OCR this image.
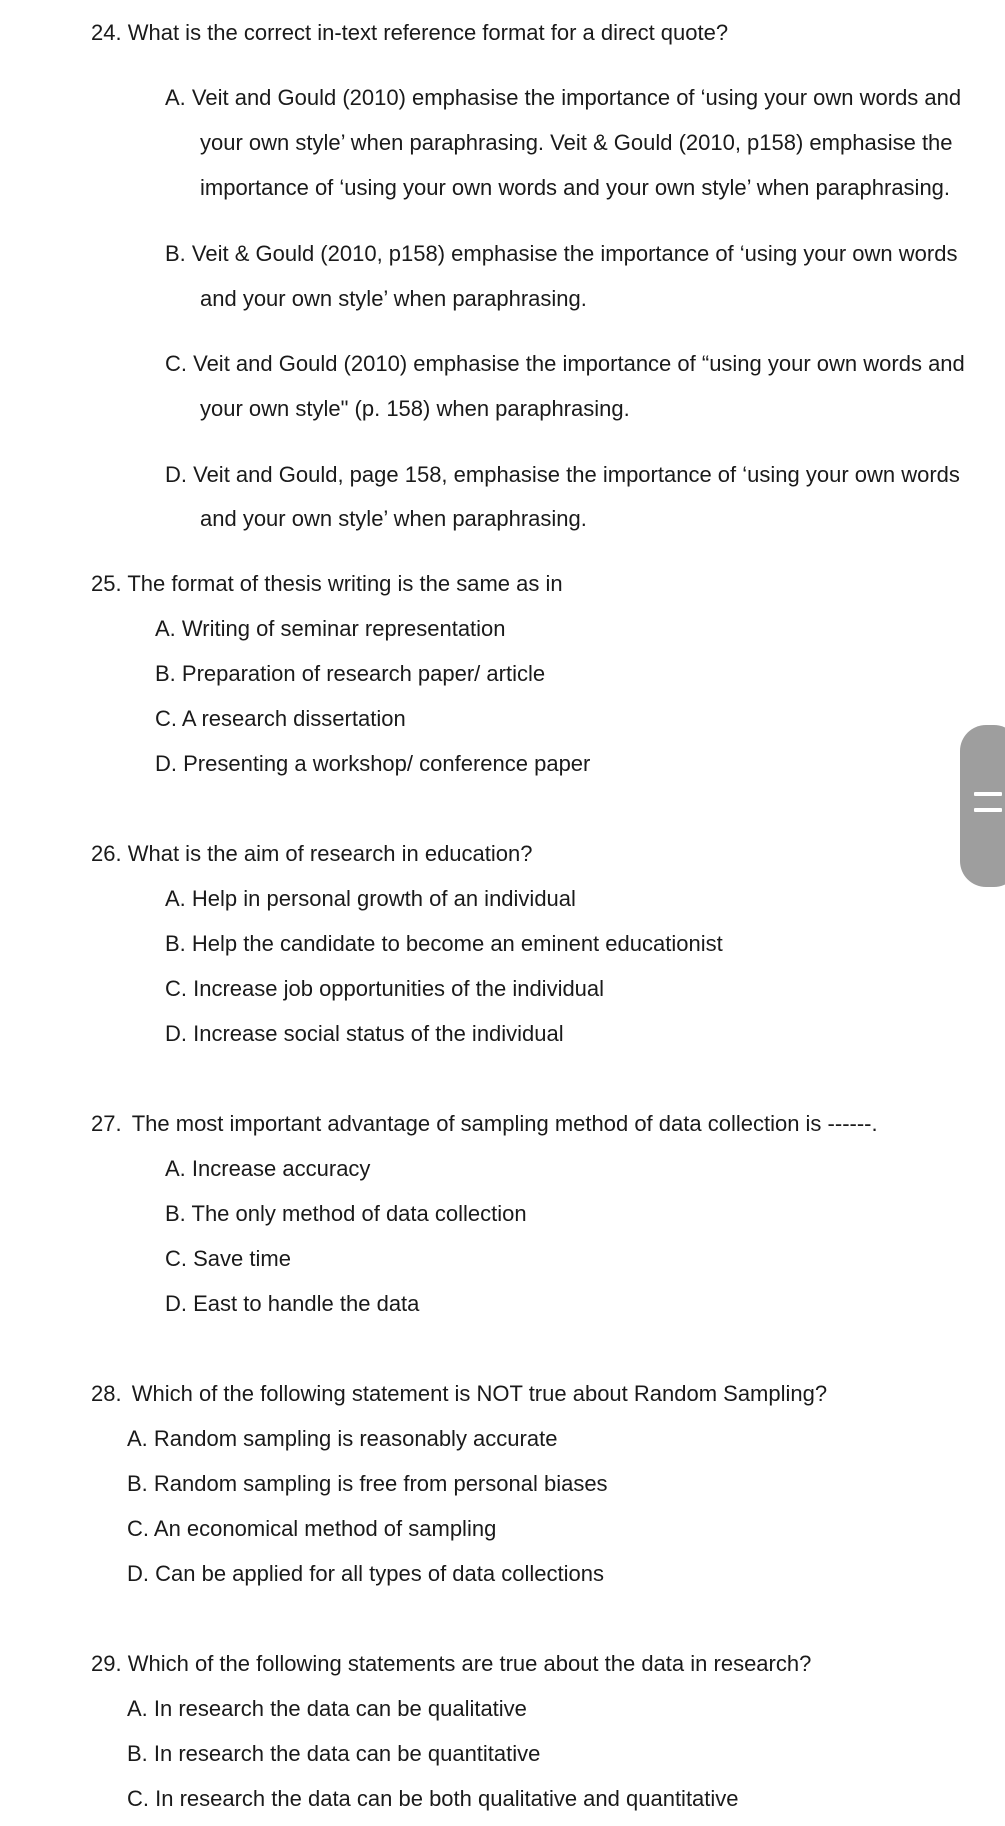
24. What is the correct in-text reference format for a direct quote?
A. Veit and Gould (2010) emphasise the importance of ‘using your own words and
your own style’ when paraphrasing. Veit & Gould (2010, p158) emphasise the
importance of ‘using your own words and your own style’ when paraphrasing.
B. Veit & Gould (2010, p158) emphasise the importance of ‘using your own words
and your own style’ when paraphrasing.
C. Veit and Gould (2010) emphasise the importance of “using your own words and
your own style" (p. 158) when paraphrasing.
D. Veit and Gould, page 158, emphasise the importance of ‘using your own words
and your own style’ when paraphrasing.
25. The format of thesis writing is the same as in
A. Writing of seminar representation
B. Preparation of research paper/ article
C. A research dissertation
D. Presenting a workshop/ conference paper
26. What is the aim of research in education?
A. Help in personal growth of an individual
B. Help the candidate to become an eminent educationist
C. Increase job opportunities of the individual
D. Increase social status of the individual
27. The most important advantage of sampling method of data collection is ------.
A. Increase accuracy
B. The only method of data collection
C. Save time
D. East to handle the data
28. Which of the following statement is NOT true about Random Sampling?
A. Random sampling is reasonably accurate
B. Random sampling is free from personal biases
C. An economical method of sampling
D. Can be applied for all types of data collections
29. Which of the following statements are true about the data in research?
A. In research the data can be qualitative
B. In research the data can be quantitative
C. In research the data can be both qualitative and quantitative
